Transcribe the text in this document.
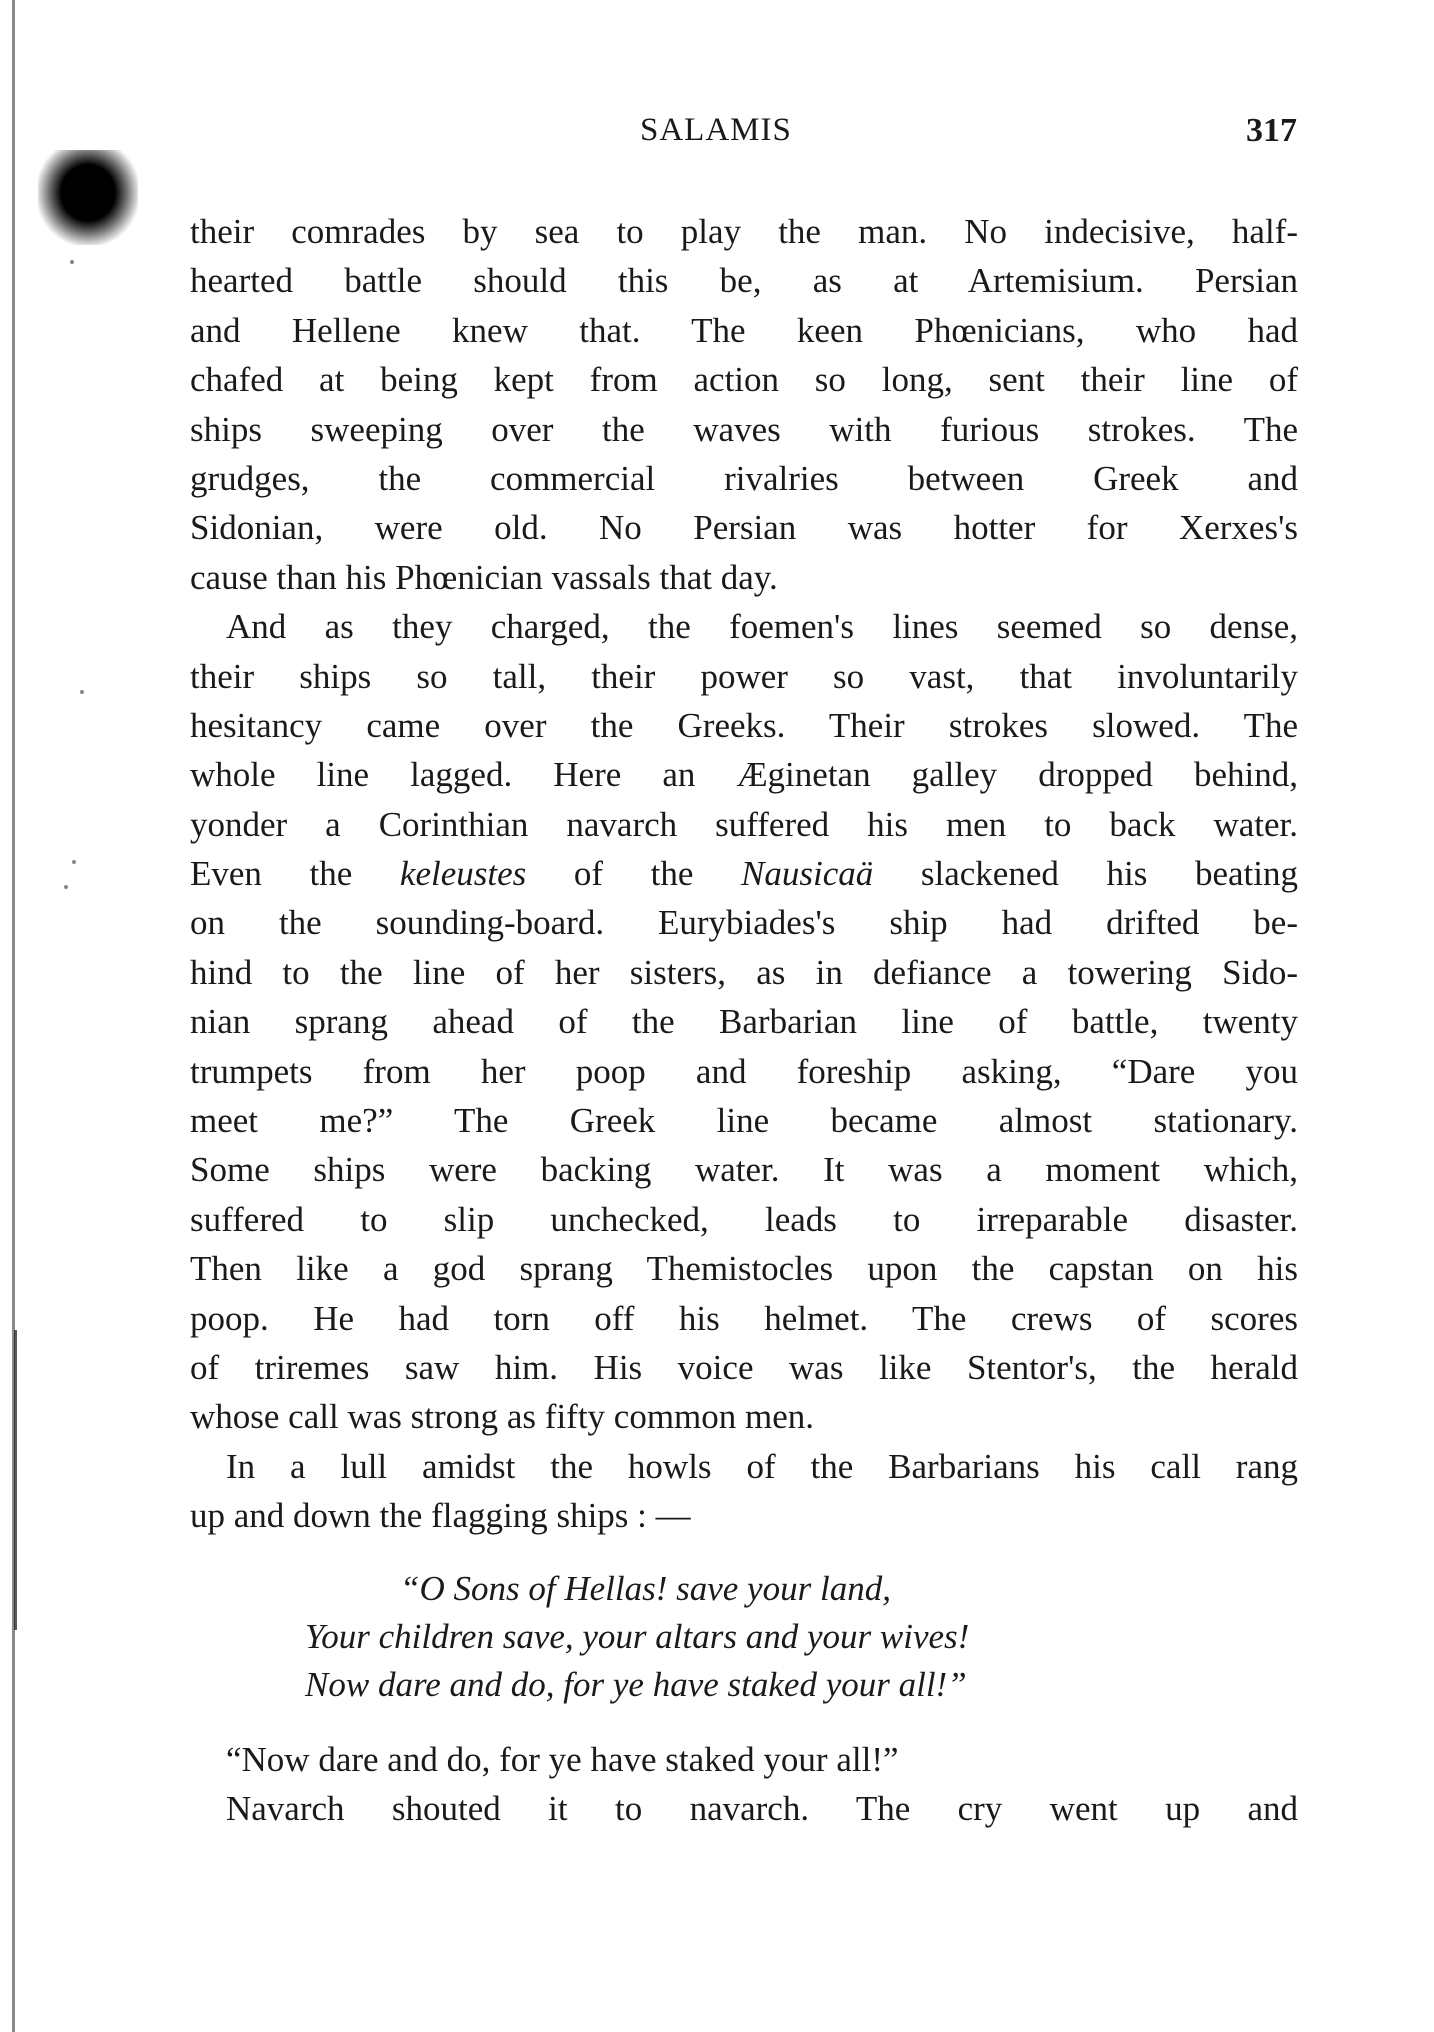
SALAMIS	317
their comrades by sea to play the man. No indecisive, half-
hearted battle should this be, as at Artemisium. Persian
and Hellene knew that. The keen Phœnicians, who had
chafed at being kept from action so long, sent their line of
ships sweeping over the waves with furious strokes. The
grudges, the commercial rivalries between Greek and
Sidonian, were old. No Persian was hotter for Xerxes's
cause than his Phœnician vassals that day.
And as they charged, the foemen's lines seemed so dense,
their ships so tall, their power so vast, that involuntarily
hesitancy came over the Greeks. Their strokes slowed. The
whole line lagged. Here an Æginetan galley dropped behind,
yonder a Corinthian navarch suffered his men to back water.
Even the keleustes of the Nausicaä slackened his beating
on the sounding-board. Eurybiades's ship had drifted be-
hind to the line of her sisters, as in defiance a towering Sido-
nian sprang ahead of the Barbarian line of battle, twenty
trumpets from her poop and foreship asking, “Dare you
meet me?” The Greek line became almost stationary.
Some ships were backing water. It was a moment which,
suffered to slip unchecked, leads to irreparable disaster.
Then like a god sprang Themistocles upon the capstan on his
poop. He had torn off his helmet. The crews of scores
of triremes saw him. His voice was like Stentor's, the herald
whose call was strong as fifty common men.
In a lull amidst the howls of the Barbarians his call rang
up and down the flagging ships : —
“O Sons of Hellas! save your land,
Your children save, your altars and your wives!
Now dare and do, for ye have staked your all!”
“Now dare and do, for ye have staked your all!”
Navarch shouted it to navarch. The cry went up and
